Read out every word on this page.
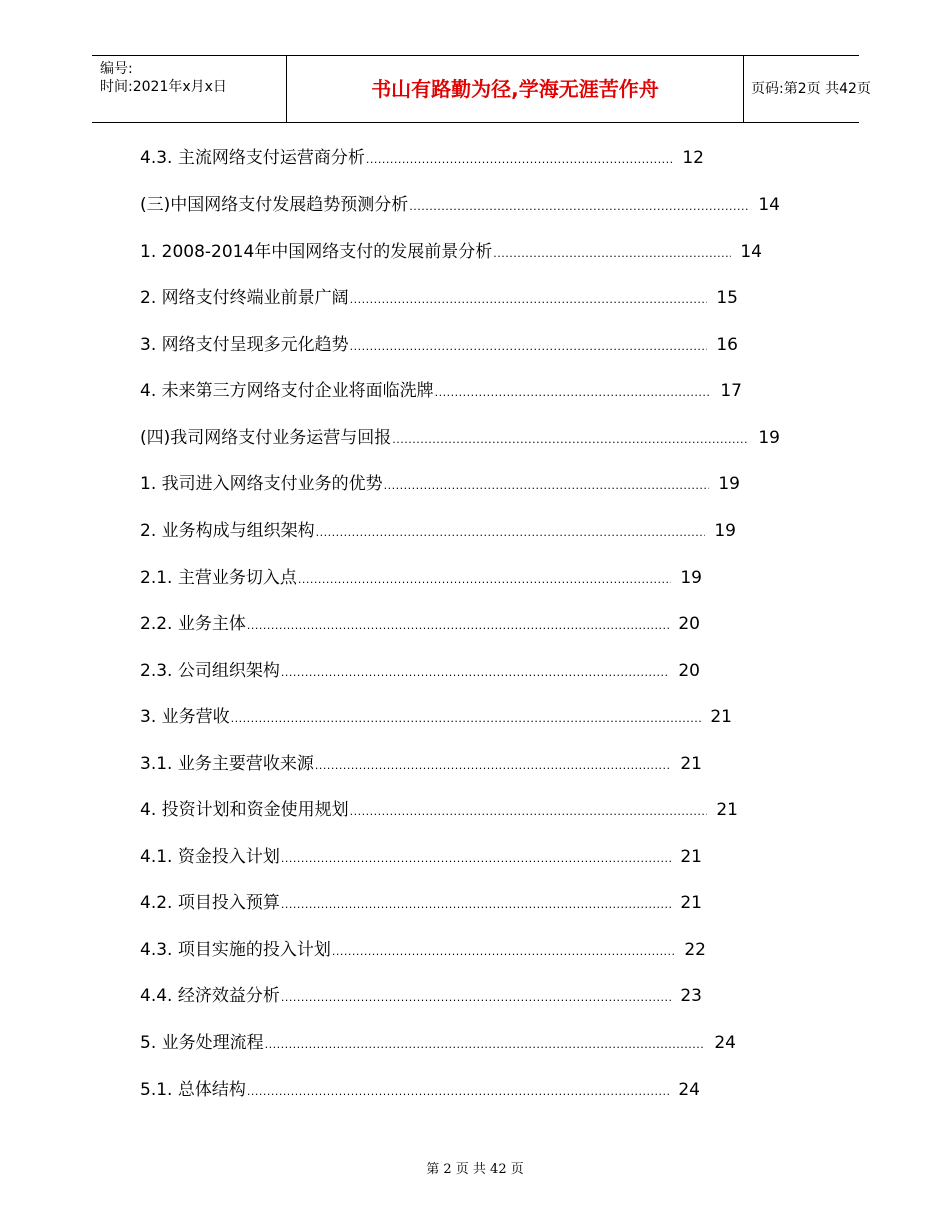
编号:
时间:2021年x月x日	书山有路勤为径,学海无涯苦作舟	页码:第2页 共42页
4.3. 主流网络支付运营商分析 .....	12
(三)中国网络支付发展趋势预测分析 .....	14
1. 2008-2014年中国网络支付的发展前景分析 .....	14
2. 网络支付终端业前景广阔 .....	15
3. 网络支付呈现多元化趋势 .....	16
4. 未来第三方网络支付企业将面临洗牌 .....	17
(四)我司网络支付业务运营与回报 .....	19
1. 我司进入网络支付业务的优势 .....	19
2. 业务构成与组织架构 .....	19
2.1. 主营业务切入点 .....	19
2.2. 业务主体 .....	20
2.3. 公司组织架构 .....	20
3. 业务营收 .....	21
3.1. 业务主要营收来源 .....	21
4. 投资计划和资金使用规划 .....	21
4.1. 资金投入计划 .....	21
4.2. 项目投入预算 .....	21
4.3. 项目实施的投入计划 .....	22
4.4. 经济效益分析 .....	23
5. 业务处理流程 .....	24
5.1. 总体结构 .....	24
第 2 页 共 42 页
